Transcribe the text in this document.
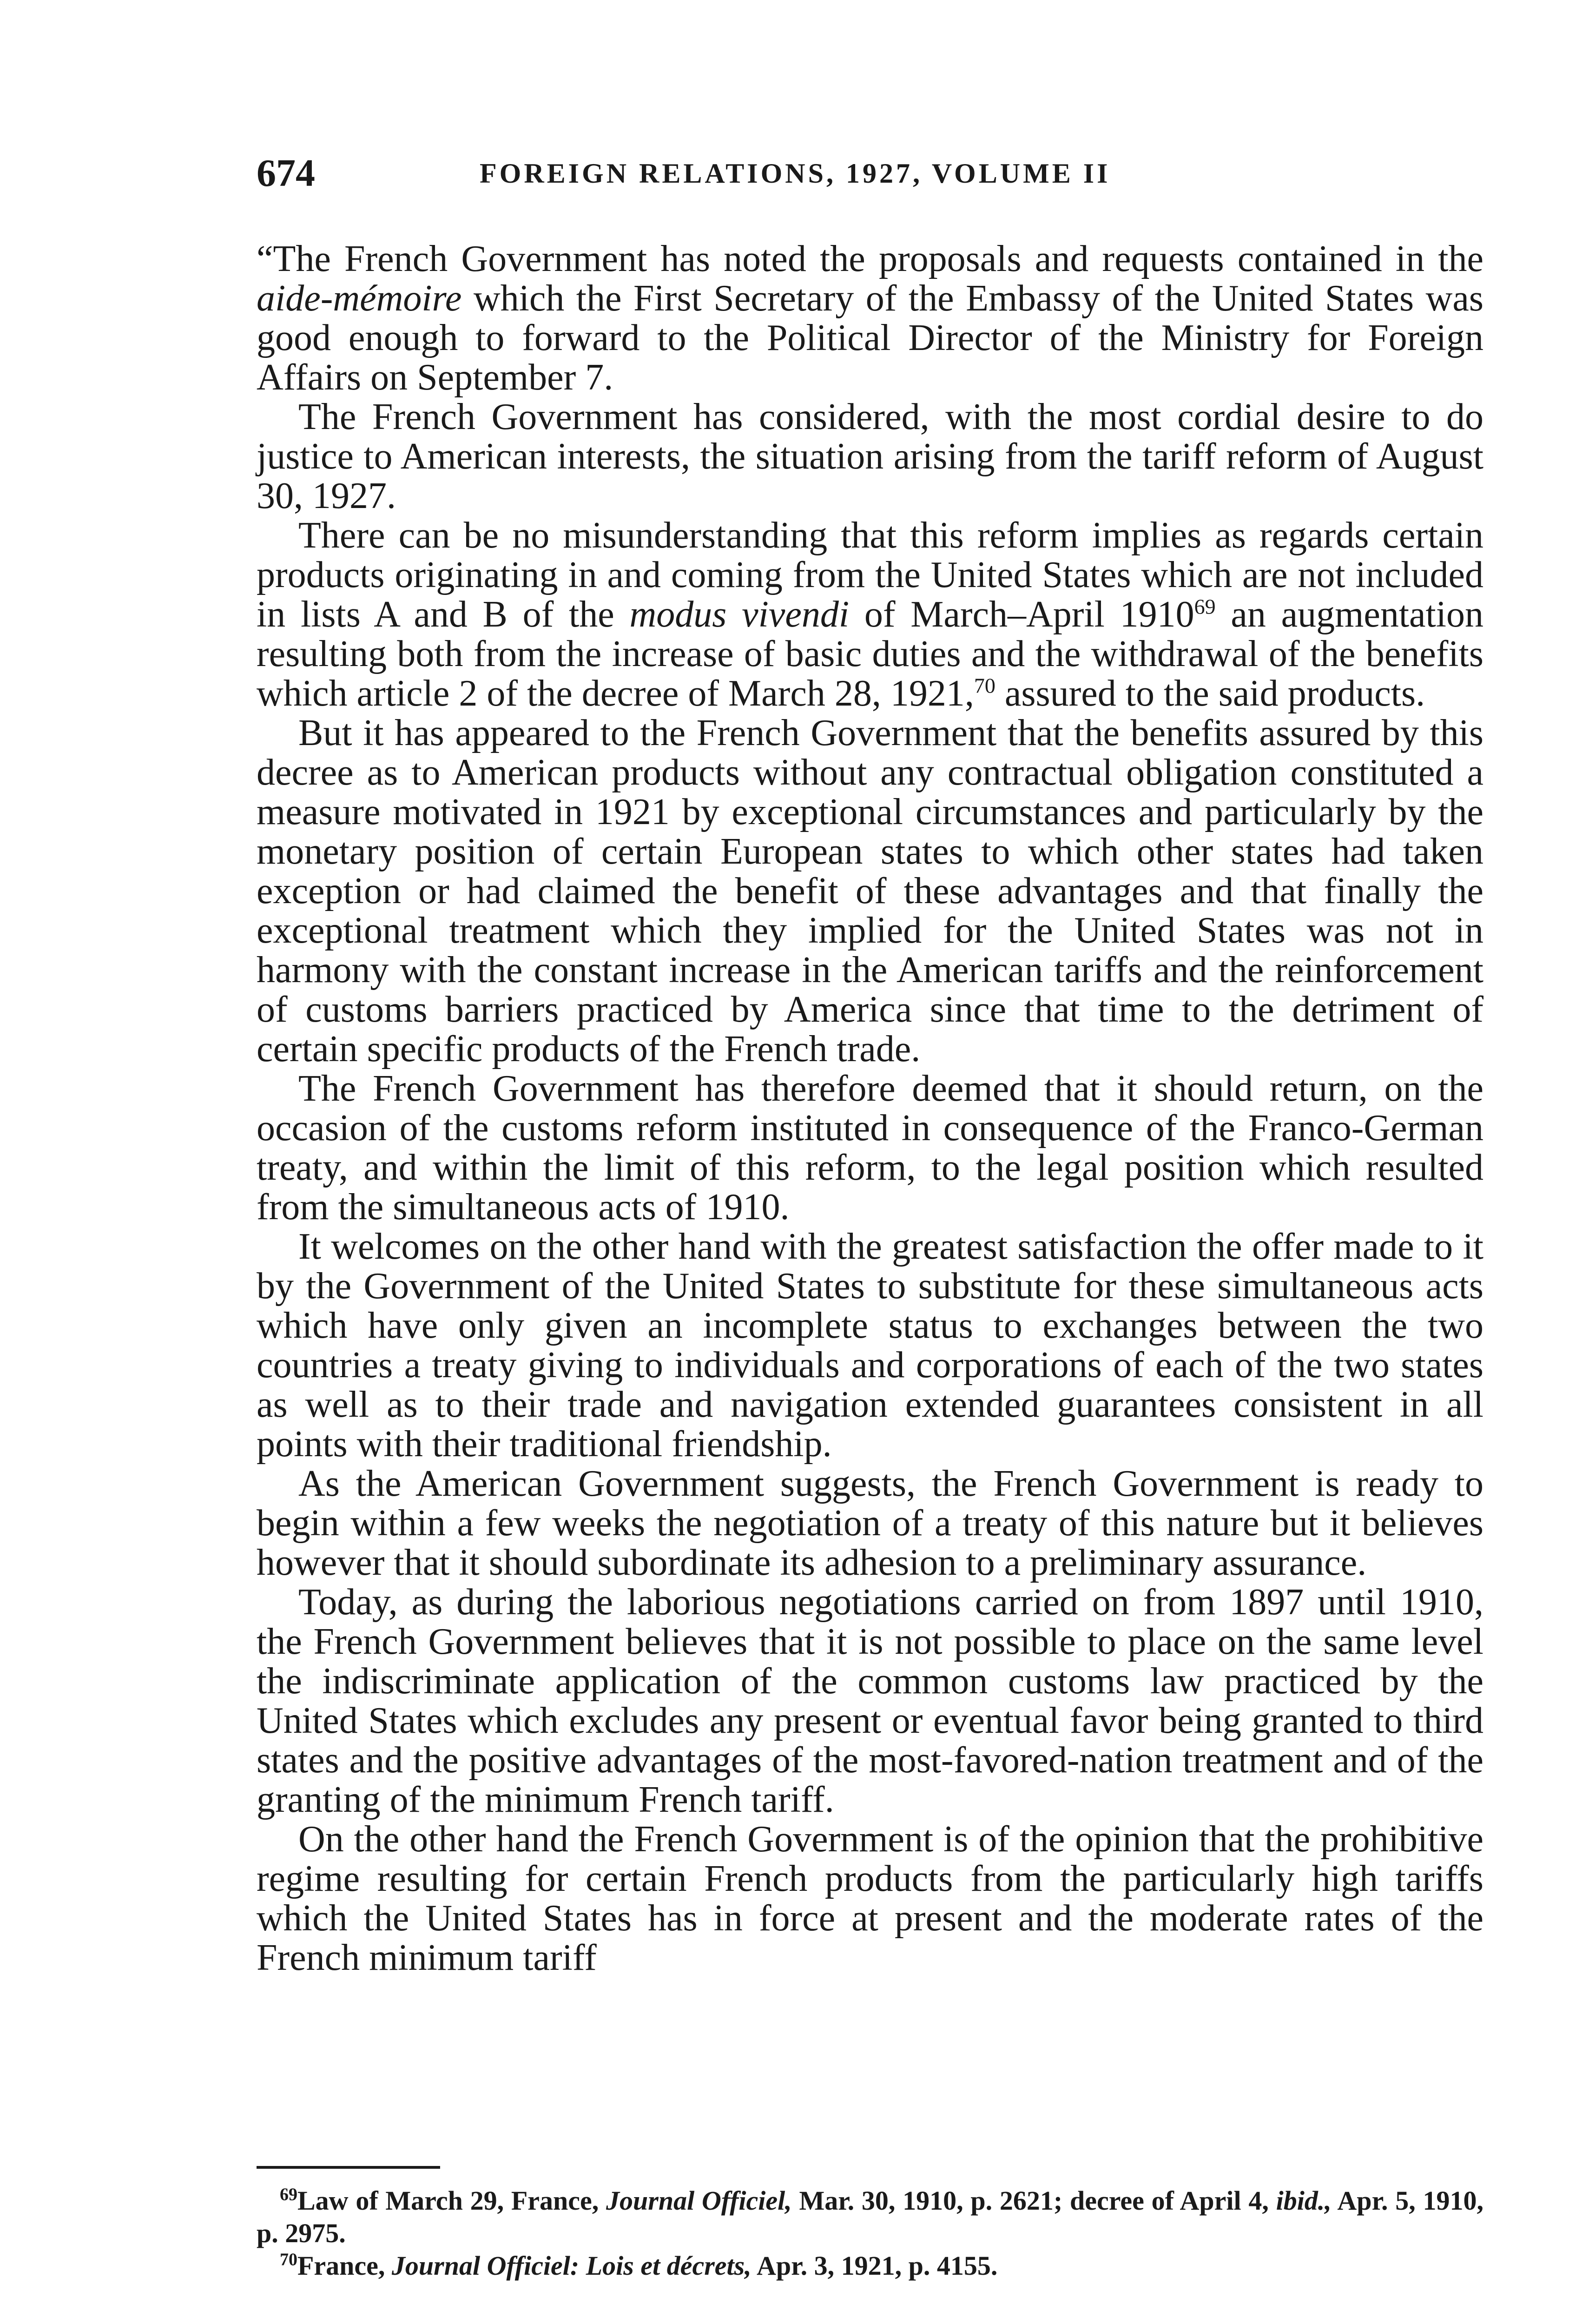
674	FOREIGN RELATIONS, 1927, VOLUME II

“The French Government has noted the proposals and requests contained in the aide-mémoire which the First Secretary of the Embassy of the United States was good enough to forward to the Political Director of the Ministry for Foreign Affairs on September 7.

The French Government has considered, with the most cordial desire to do justice to American interests, the situation arising from the tariff reform of August 30, 1927.

There can be no misunderstanding that this reform implies as regards certain products originating in and coming from the United States which are not included in lists A and B of the modus vivendi of March–April 1910$^{69}$ an augmentation resulting both from the increase of basic duties and the withdrawal of the benefits which article 2 of the decree of March 28, 1921,70 assured to the said products.

But it has appeared to the French Government that the benefits assured by this decree as to American products without any contractual obligation constituted a measure motivated in 1921 by exceptional circumstances and particularly by the monetary position of certain European states to which other states had taken exception or had claimed the benefit of these advantages and that finally the exceptional treatment which they implied for the United States was not in harmony with the constant increase in the American tariffs and the reinforcement of customs barriers practiced by America since that time to the detriment of certain specific products of the French trade.

The French Government has therefore deemed that it should return, on the occasion of the customs reform instituted in consequence of the Franco-German treaty, and within the limit of this reform, to the legal position which resulted from the simultaneous acts of 1910.

It welcomes on the other hand with the greatest satisfaction the offer made to it by the Government of the United States to substitute for these simultaneous acts which have only given an incomplete status to exchanges between the two countries a treaty giving to individuals and corporations of each of the two states as well as to their trade and navigation extended guarantees consistent in all points with their traditional friendship.

As the American Government suggests, the French Government is ready to begin within a few weeks the negotiation of a treaty of this nature but it believes however that it should subordinate its adhesion to a preliminary assurance.

Today, as during the laborious negotiations carried on from 1897 until 1910, the French Government believes that it is not possible to place on the same level the indiscriminate application of the common customs law practiced by the United States which excludes any present or eventual favor being granted to third states and the positive advantages of the most-favored-nation treatment and of the granting of the minimum French tariff.

On the other hand the French Government is of the opinion that the prohibitive regime resulting for certain French products from the particularly high tariffs which the United States has in force at present and the moderate rates of the French minimum tariff

$^{69}$Law of March 29, France, Journal Officiel, Mar. 30, 1910, p. 2621; decree of April 4, ibid., Apr. 5, 1910, p. 2975.

$^{70}$France, Journal Officiel: Lois et décrets, Apr. 3, 1921, p. 4155.
